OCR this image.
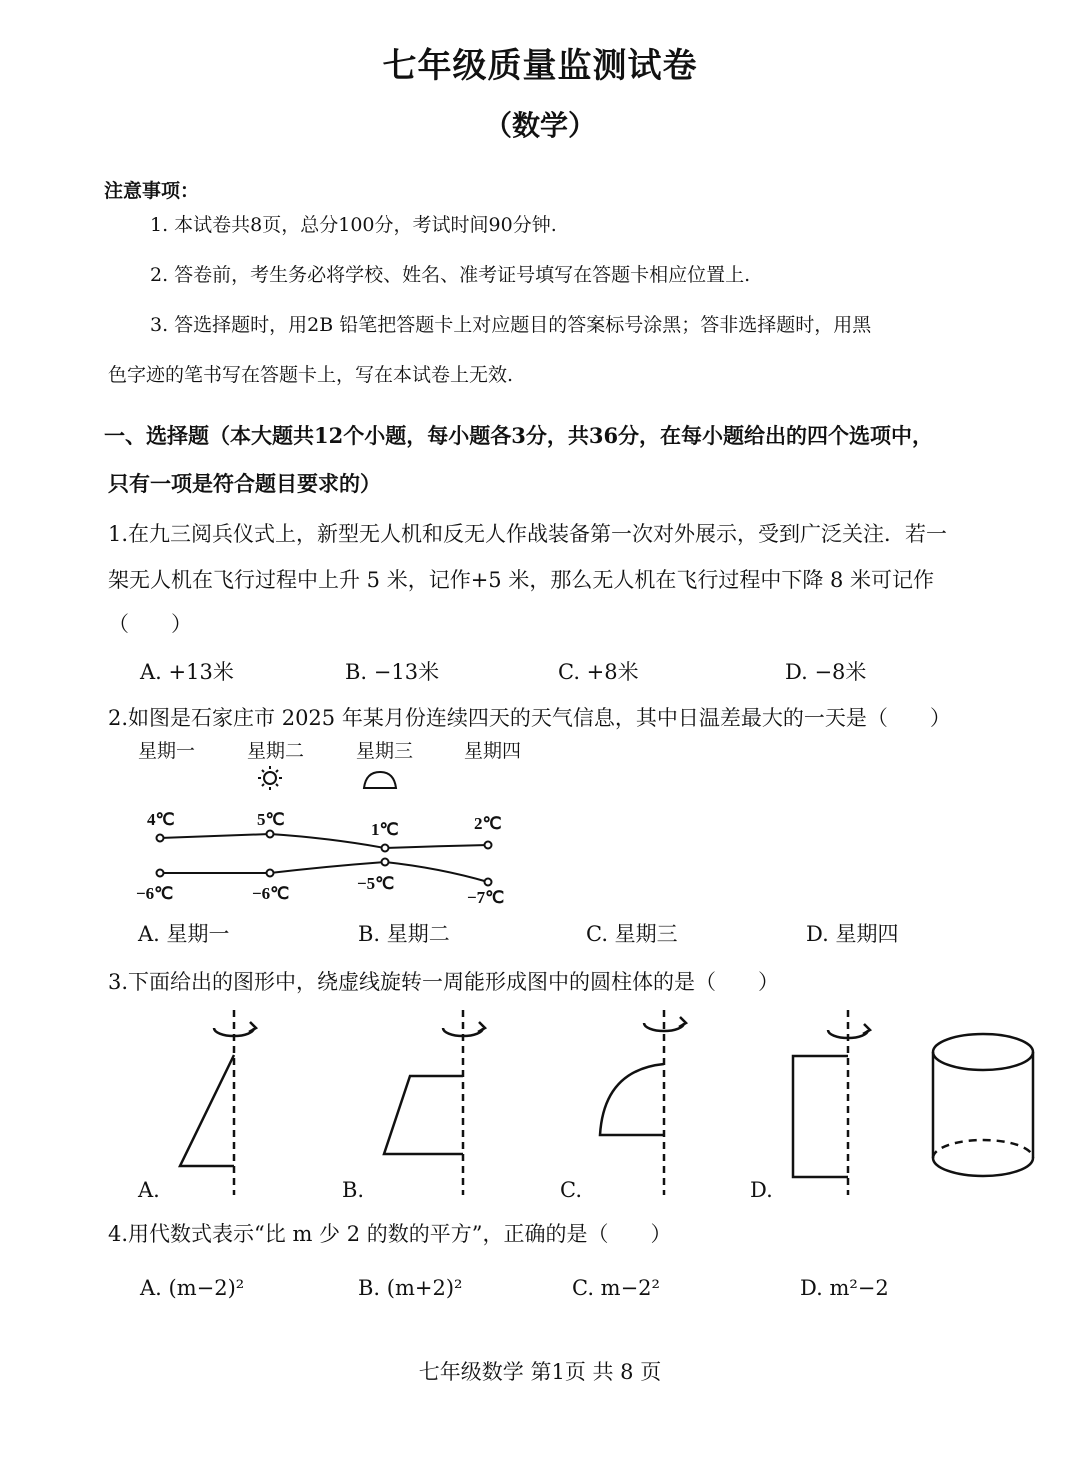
七年级质量监测试卷
（数学）
注意事项：
1. 本试卷共8页，总分100分，考试时间90分钟.
2. 答卷前，考生务必将学校、姓名、准考证号填写在答题卡相应位置上.
3. 答选择题时，用2B 铅笔把答题卡上对应题目的答案标号涂黑；答非选择题时，用黑
色字迹的笔书写在答题卡上，写在本试卷上无效.
一、选择题（本大题共12个小题，每小题各3分，共36分，在每小题给出的四个选项中，
只有一项是符合题目要求的）
1.在九三阅兵仪式上，新型无人机和反无人作战装备第一次对外展示，受到广泛关注．若一
架无人机在飞行过程中上升 5 米，记作+5 米，那么无人机在飞行过程中下降 8 米可记作
（　　）
A. +13米	B. −13米	C. +8米	D. −8米
2.如图是石家庄市 2025 年某月份连续四天的天气信息，其中日温差最大的一天是（　　）
星期一	星期二	星期三	星期四
4℃	5℃
1℃	2℃
−6℃	−6℃
−5℃
−7℃
A. 星期一	B. 星期二	C. 星期三	D. 星期四
3.下面给出的图形中，绕虚线旋转一周能形成图中的圆柱体的是（　　）
A.	B.	C.	D.
4.用代数式表示“比 m 少 2 的数的平方”，正确的是（　　）
A. (m−2)²	B. (m+2)²	C. m−2²	D. m²−2
七年级数学 第1页 共 8 页
